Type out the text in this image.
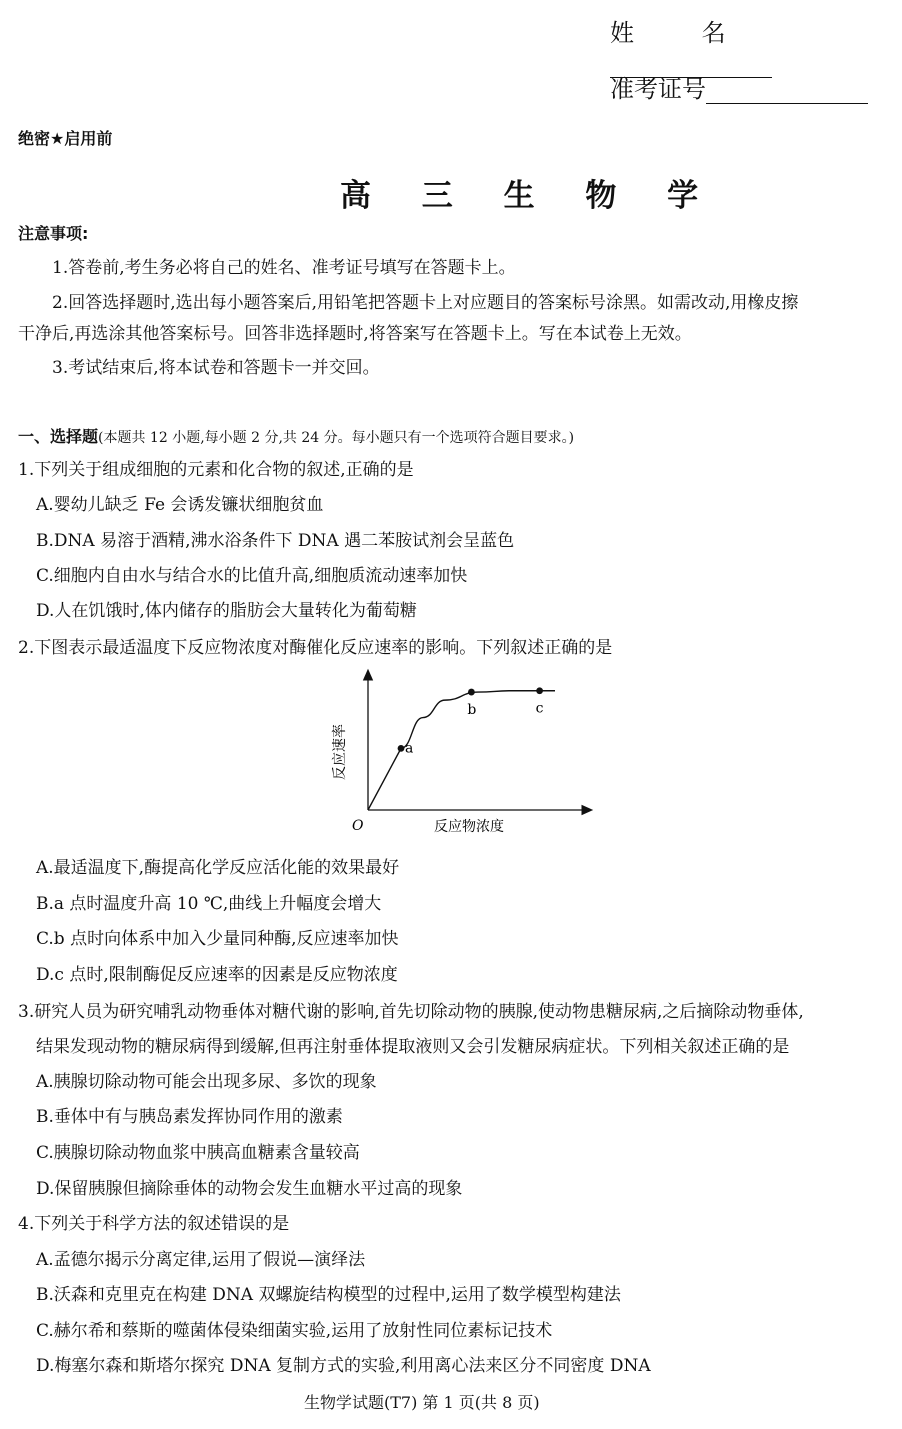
姓 名
准考证号
绝密★启用前
高 三 生 物 学
注意事项:
1.答卷前,考生务必将自己的姓名、准考证号填写在答题卡上。
2.回答选择题时,选出每小题答案后,用铅笔把答题卡上对应题目的答案标号涂黑。如需改动,用橡皮擦
干净后,再选涂其他答案标号。回答非选择题时,将答案写在答题卡上。写在本试卷上无效。
3.考试结束后,将本试卷和答题卡一并交回。
一、选择题(本题共 12 小题,每小题 2 分,共 24 分。每小题只有一个选项符合题目要求。)
1.下列关于组成细胞的元素和化合物的叙述,正确的是
A.婴幼儿缺乏 Fe 会诱发镰状细胞贫血
B.DNA 易溶于酒精,沸水浴条件下 DNA 遇二苯胺试剂会呈蓝色
C.细胞内自由水与结合水的比值升高,细胞质流动速率加快
D.人在饥饿时,体内储存的脂肪会大量转化为葡萄糖
2.下图表示最适温度下反应物浓度对酶催化反应速率的影响。下列叙述正确的是
a
b	c
O	反应物浓度
反应速率
A.最适温度下,酶提高化学反应活化能的效果最好
B.a 点时温度升高 10 ℃,曲线上升幅度会增大
C.b 点时向体系中加入少量同种酶,反应速率加快
D.c 点时,限制酶促反应速率的因素是反应物浓度
3.研究人员为研究哺乳动物垂体对糖代谢的影响,首先切除动物的胰腺,使动物患糖尿病,之后摘除动物垂体,
结果发现动物的糖尿病得到缓解,但再注射垂体提取液则又会引发糖尿病症状。下列相关叙述正确的是
A.胰腺切除动物可能会出现多尿、多饮的现象
B.垂体中有与胰岛素发挥协同作用的激素
C.胰腺切除动物血浆中胰高血糖素含量较高
D.保留胰腺但摘除垂体的动物会发生血糖水平过高的现象
4.下列关于科学方法的叙述错误的是
A.孟德尔揭示分离定律,运用了假说—演绎法
B.沃森和克里克在构建 DNA 双螺旋结构模型的过程中,运用了数学模型构建法
C.赫尔希和蔡斯的噬菌体侵染细菌实验,运用了放射性同位素标记技术
D.梅塞尔森和斯塔尔探究 DNA 复制方式的实验,利用离心法来区分不同密度 DNA
生物学试题(T7) 第 1 页(共 8 页)
